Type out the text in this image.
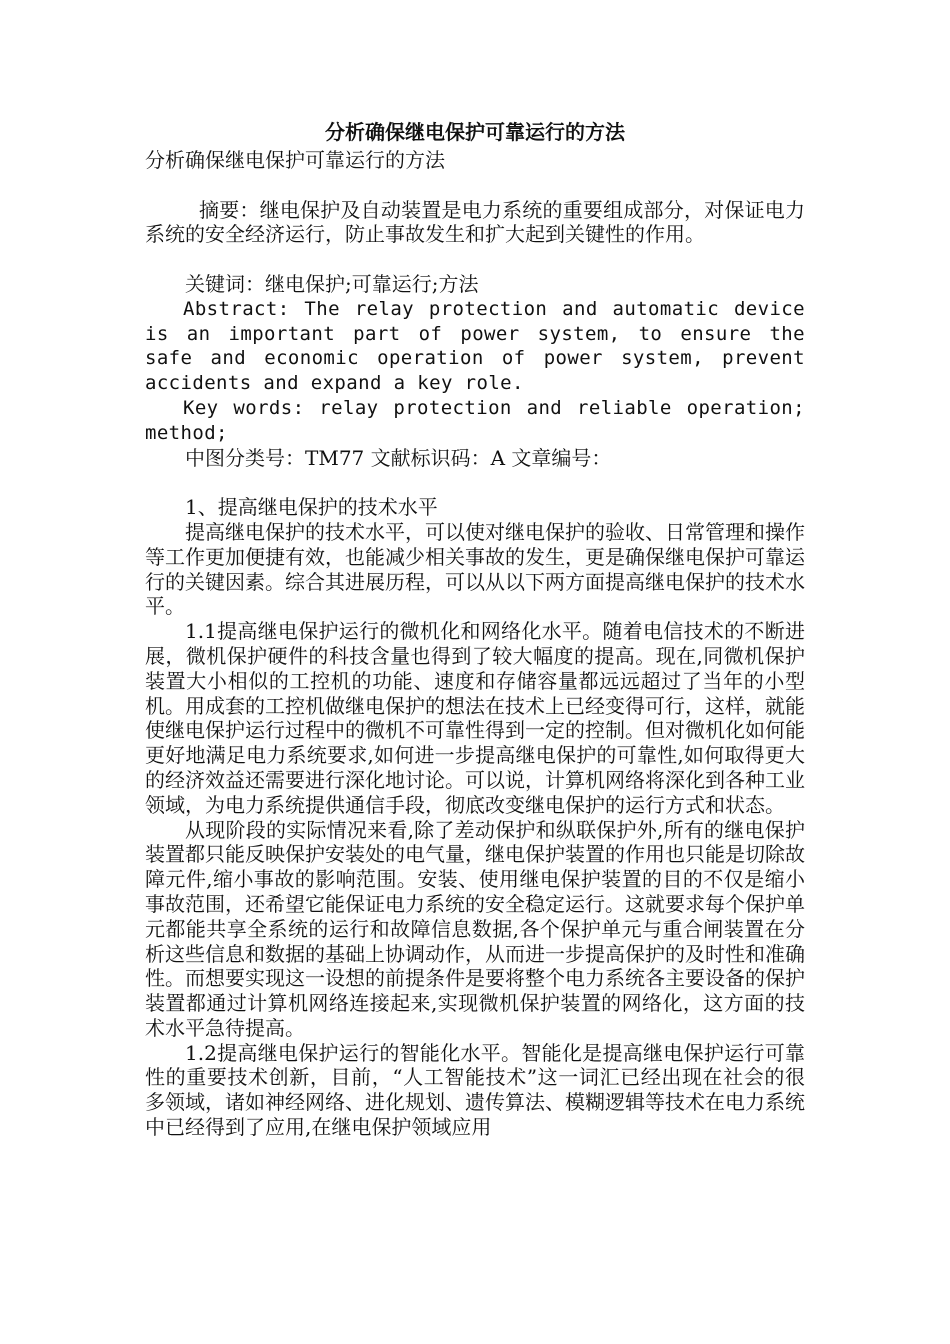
分析确保继电保护可靠运行的方法

分析确保继电保护可靠运行的方法

摘要：继电保护及自动装置是电力系统的重要组成部分，对保证电力系统的安全经济运行，防止事故发生和扩大起到关键性的作用。

关键词：继电保护;可靠运行;方法

Abstract: The relay protection and automatic device is an important part of power system, to ensure the safe and economic operation of power system, prevent accidents and expand a key role.

Key words: relay protection and reliable operation; method;

中图分类号：TM77 文献标识码：A 文章编号：

1、提高继电保护的技术水平

提高继电保护的技术水平，可以使对继电保护的验收、日常管理和操作等工作更加便捷有效，也能减少相关事故的发生，更是确保继电保护可靠运行的关键因素。综合其进展历程，可以从以下两方面提高继电保护的技术水平。

1.1提高继电保护运行的微机化和网络化水平。随着电信技术的不断进展，微机保护硬件的科技含量也得到了较大幅度的提高。现在,同微机保护装置大小相似的工控机的功能、速度和存储容量都远远超过了当年的小型机。用成套的工控机做继电保护的想法在技术上已经变得可行，这样，就能使继电保护运行过程中的微机不可靠性得到一定的控制。但对微机化如何能更好地满足电力系统要求,如何进一步提高继电保护的可靠性,如何取得更大的经济效益还需要进行深化地讨论。可以说，计算机网络将深化到各种工业领域，为电力系统提供通信手段，彻底改变继电保护的运行方式和状态。

从现阶段的实际情况来看,除了差动保护和纵联保护外,所有的继电保护装置都只能反映保护安装处的电气量，继电保护装置的作用也只能是切除故障元件,缩小事故的影响范围。安装、使用继电保护装置的目的不仅是缩小事故范围，还希望它能保证电力系统的安全稳定运行。这就要求每个保护单元都能共享全系统的运行和故障信息数据,各个保护单元与重合闸装置在分析这些信息和数据的基础上协调动作，从而进一步提高保护的及时性和准确性。而想要实现这一设想的前提条件是要将整个电力系统各主要设备的保护装置都通过计算机网络连接起来,实现微机保护装置的网络化，这方面的技术水平急待提高。

1.2提高继电保护运行的智能化水平。智能化是提高继电保护运行可靠性的重要技术创新，目前，“人工智能技术”这一词汇已经出现在社会的很多领域，诸如神经网络、进化规划、遗传算法、模糊逻辑等技术在电力系统中已经得到了应用,在继电保护领域应用
